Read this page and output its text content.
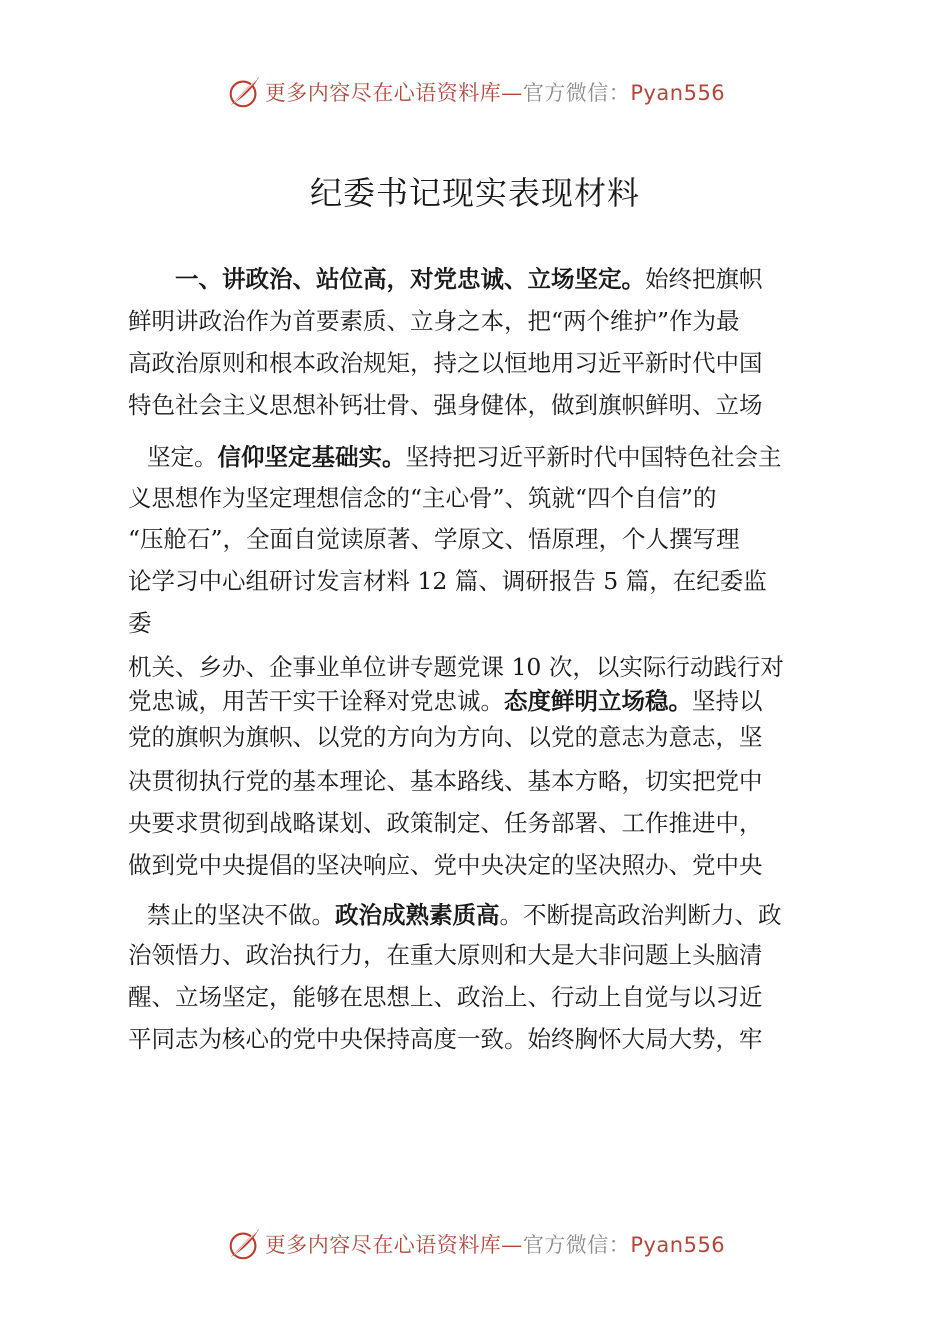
更多内容尽在心语资料库—官方微信：Pyan556
纪委书记现实表现材料
一、讲政治、站位高，对党忠诚、立场坚定。始终把旗帜
鲜明讲政治作为首要素质、立身之本，把“两个维护”作为最
高政治原则和根本政治规矩，持之以恒地用习近平新时代中国
特色社会主义思想补钙壮骨、强身健体，做到旗帜鲜明、立场
坚定。信仰坚定基础实。坚持把习近平新时代中国特色社会主
义思想作为坚定理想信念的“主心骨”、筑就“四个自信”的
“压舱石”，全面自觉读原著、学原文、悟原理，个人撰写理
论学习中心组研讨发言材料 12 篇、调研报告 5 篇，在纪委监
委
机关、乡办、企事业单位讲专题党课 10 次，以实际行动践行对
党忠诚，用苦干实干诠释对党忠诚。态度鲜明立场稳。坚持以
党的旗帜为旗帜、以党的方向为方向、以党的意志为意志，坚
决贯彻执行党的基本理论、基本路线、基本方略，切实把党中
央要求贯彻到战略谋划、政策制定、任务部署、工作推进中，
做到党中央提倡的坚决响应、党中央决定的坚决照办、党中央
禁止的坚决不做。政治成熟素质高。不断提高政治判断力、政
治领悟力、政治执行力，在重大原则和大是大非问题上头脑清
醒、立场坚定，能够在思想上、政治上、行动上自觉与以习近
平同志为核心的党中央保持高度一致。始终胸怀大局大势，牢
更多内容尽在心语资料库—官方微信：Pyan556
